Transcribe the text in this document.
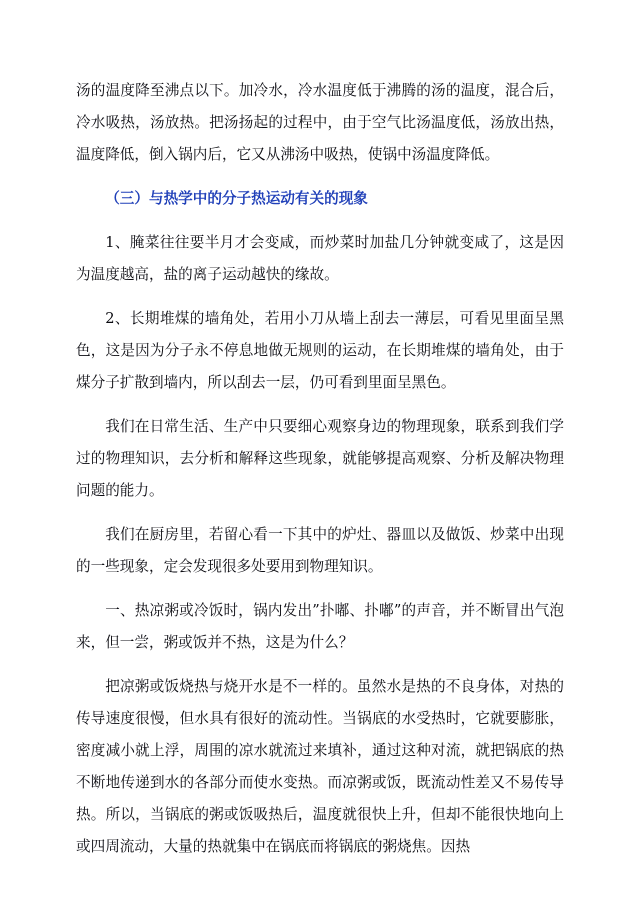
汤的温度降至沸点以下。加冷水，冷水温度低于沸腾的汤的温度，混合后，冷水吸热，汤放热。把汤扬起的过程中，由于空气比汤温度低，汤放出热，温度降低，倒入锅内后，它又从沸汤中吸热，使锅中汤温度降低。

（三）与热学中的分子热运动有关的现象

1、腌菜往往要半月才会变咸，而炒菜时加盐几分钟就变咸了，这是因为温度越高，盐的离子运动越快的缘故。

2、长期堆煤的墙角处，若用小刀从墙上刮去一薄层，可看见里面呈黑色，这是因为分子永不停息地做无规则的运动，在长期堆煤的墙角处，由于煤分子扩散到墙内，所以刮去一层，仍可看到里面呈黑色。

我们在日常生活、生产中只要细心观察身边的物理现象，联系到我们学过的物理知识，去分析和解释这些现象，就能够提高观察、分析及解决物理问题的能力。

我们在厨房里，若留心看一下其中的炉灶、器皿以及做饭、炒菜中出现的一些现象，定会发现很多处要用到物理知识。

一、热凉粥或冷饭时，锅内发出”扑嘟、扑嘟”的声音，并不断冒出气泡来，但一尝，粥或饭并不热，这是为什么？

把凉粥或饭烧热与烧开水是不一样的。虽然水是热的不良身体，对热的传导速度很慢，但水具有很好的流动性。当锅底的水受热时，它就要膨胀，密度减小就上浮，周围的凉水就流过来填补，通过这种对流，就把锅底的热不断地传递到水的各部分而使水变热。而凉粥或饭，既流动性差又不易传导热。所以，当锅底的粥或饭吸热后，温度就很快上升，但却不能很快地向上或四周流动，大量的热就集中在锅底而将锅底的粥烧焦。因热
